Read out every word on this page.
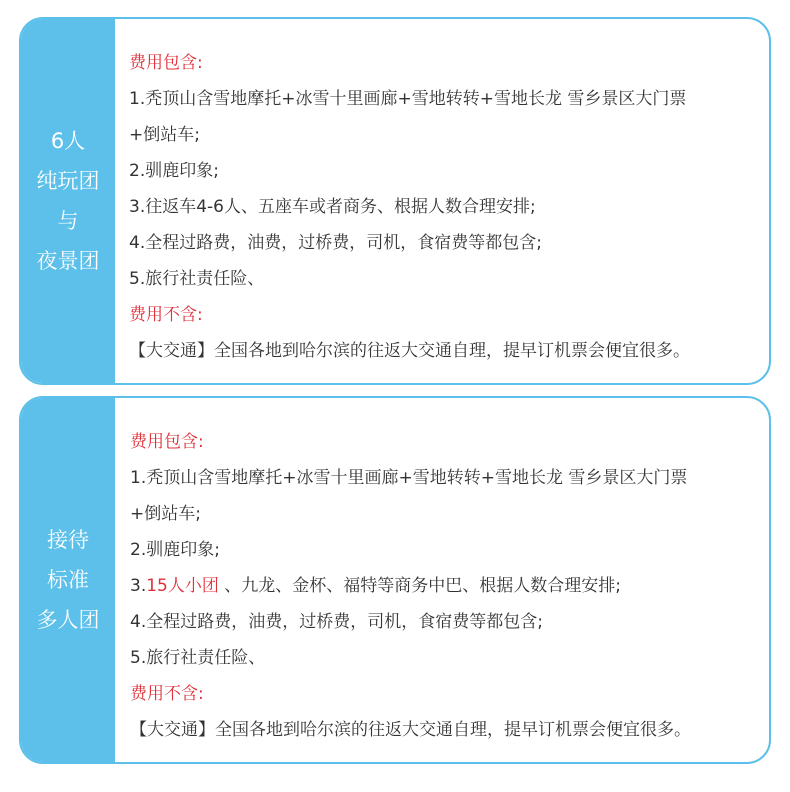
6人
纯玩团
与
夜景团
费用包含:
1.秃顶山含雪地摩托+冰雪十里画廊+雪地转转+雪地长龙 雪乡景区大门票
+倒站车;
2.驯鹿印象;
3.往返车4-6人、五座车或者商务、根据人数合理安排;
4.全程过路费，油费，过桥费，司机，食宿费等都包含;
5.旅行社责任险、
费用不含:
【大交通】全国各地到哈尔滨的往返大交通自理，提早订机票会便宜很多。
接待
标准
多人团
费用包含:
1.秃顶山含雪地摩托+冰雪十里画廊+雪地转转+雪地长龙 雪乡景区大门票
+倒站车;
2.驯鹿印象;
3.15人小团 、九龙、金杯、福特等商务中巴、根据人数合理安排;
4.全程过路费，油费，过桥费，司机，食宿费等都包含;
5.旅行社责任险、
费用不含:
【大交通】全国各地到哈尔滨的往返大交通自理，提早订机票会便宜很多。
